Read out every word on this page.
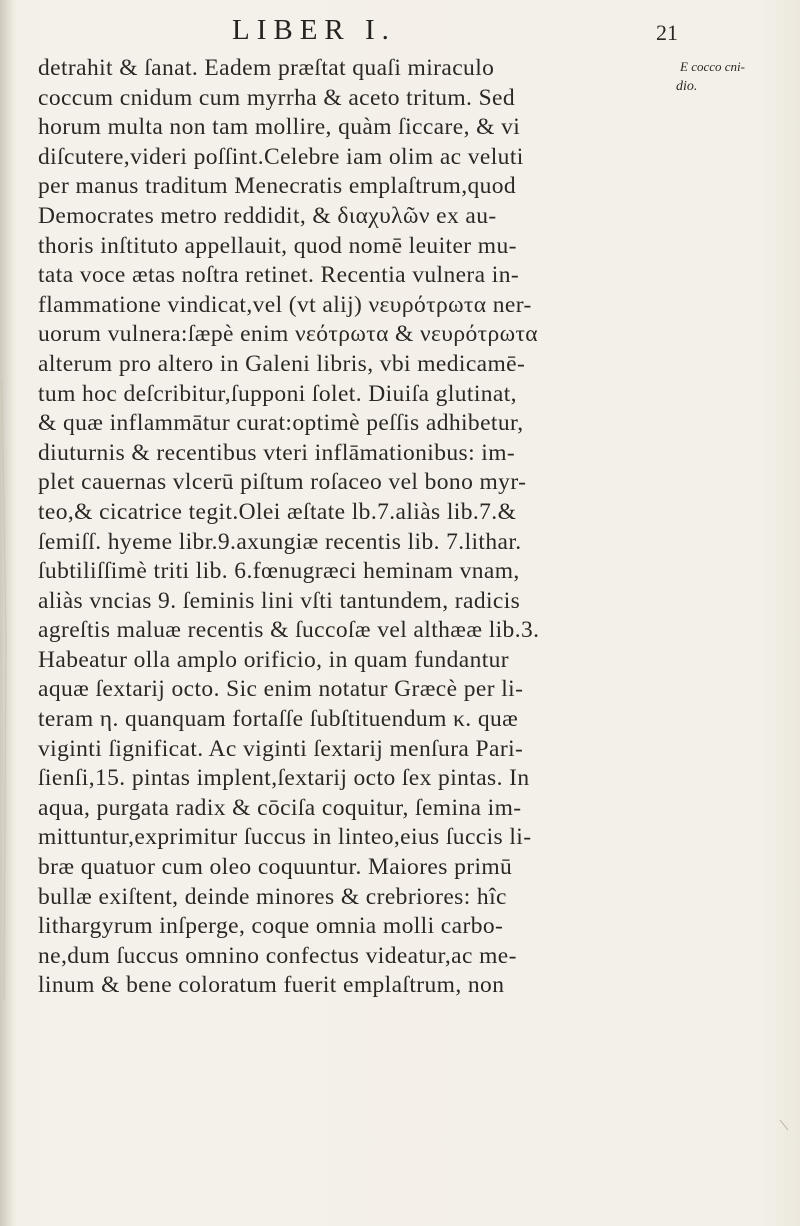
LIBER I.	21
E cocco cni-
dio.
detrahit & ſanat. Eadem præſtat quaſi miraculo
coccum cnidum cum myrrha & aceto tritum. Sed
horum multa non tam mollire, quàm ſiccare, & vi
diſcutere,videri poſſint.Celebre iam olim ac veluti
per manus traditum Menecratis emplaſtrum,quod
Democrates metro reddidit, & διαχυλῶν ex au-
thoris inſtituto appellauit, quod nomē leuiter mu-
tata voce ætas noſtra retinet. Recentia vulnera in-
flammatione vindicat,vel (vt alij) νευρότρωτα ner-
uorum vulnera:ſæpè enim νεότρωτα & νευρότρωτα
alterum pro altero in Galeni libris, vbi medicamē-
tum hoc deſcribitur,ſupponi ſolet. Diuiſa glutinat,
& quæ inflammātur curat:optimè peſſis adhibetur,
diuturnis & recentibus vteri inflāmationibus: im-
plet cauernas vlcerū piſtum roſaceo vel bono myr-
teo,& cicatrice tegit.Olei æſtate lb.7.aliàs lib.7.&
ſemiſſ. hyeme libr.9.axungiæ recentis lib. 7.lithar.
ſubtiliſſimè triti lib. 6.fœnugræci heminam vnam,
aliàs vncias 9. ſeminis lini vſti tantundem, radicis
agreſtis maluæ recentis & ſuccoſæ vel althææ lib.3.
Habeatur olla amplo orificio, in quam fundantur
aquæ ſextarij octo. Sic enim notatur Græcè per li-
teram η. quanquam fortaſſe ſubſtituendum κ. quæ
viginti ſignificat. Ac viginti ſextarij menſura Pari-
ſienſi,15. pintas implent,ſextarij octo ſex pintas. In
aqua, purgata radix & cōciſa coquitur, ſemina im-
mittuntur,exprimitur ſuccus in linteo,eius ſuccis li-
bræ quatuor cum oleo coquuntur. Maiores primū
bullæ exiſtent, deinde minores & crebriores: hîc
lithargyrum inſperge, coque omnia molli carbo-
ne,dum ſuccus omnino confectus videatur,ac me-
linum & bene coloratum fuerit emplaſtrum, non
